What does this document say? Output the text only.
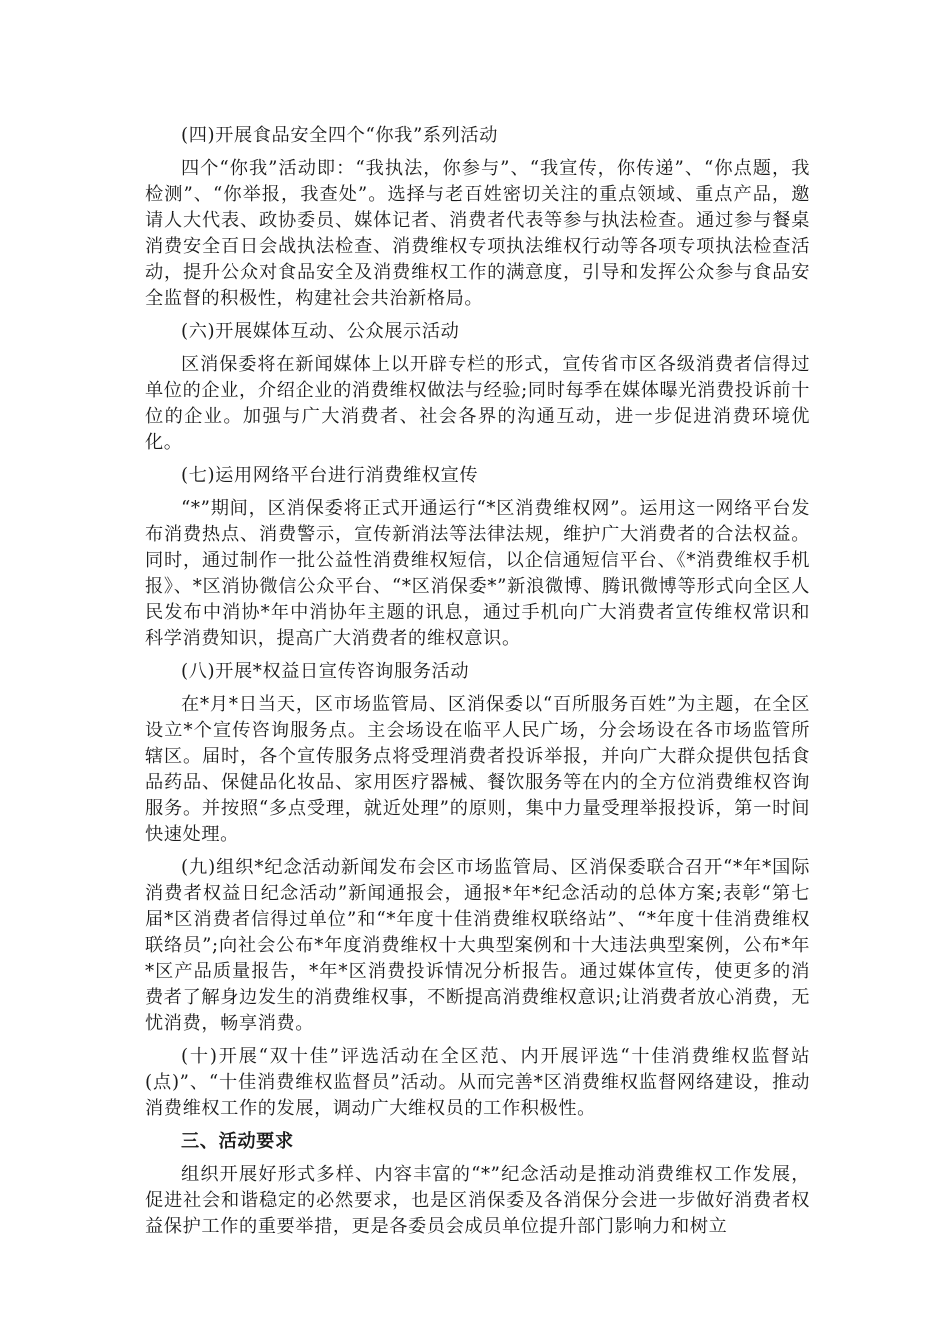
(四)开展食品安全四个“你我”系列活动

四个“你我”活动即：“我执法，你参与”、“我宣传，你传递”、“你点题，我检测”、“你举报，我查处”。选择与老百姓密切关注的重点领域、重点产品，邀请人大代表、政协委员、媒体记者、消费者代表等参与执法检查。通过参与餐桌消费安全百日会战执法检查、消费维权专项执法维权行动等各项专项执法检查活动，提升公众对食品安全及消费维权工作的满意度，引导和发挥公众参与食品安全监督的积极性，构建社会共治新格局。

(六)开展媒体互动、公众展示活动

区消保委将在新闻媒体上以开辟专栏的形式，宣传省市区各级消费者信得过单位的企业，介绍企业的消费维权做法与经验;同时每季在媒体曝光消费投诉前十位的企业。加强与广大消费者、社会各界的沟通互动，进一步促进消费环境优化。

(七)运用网络平台进行消费维权宣传

“*”期间，区消保委将正式开通运行“*区消费维权网”。运用这一网络平台发布消费热点、消费警示，宣传新消法等法律法规，维护广大消费者的合法权益。同时，通过制作一批公益性消费维权短信，以企信通短信平台、《*消费维权手机报》、*区消协微信公众平台、“*区消保委*”新浪微博、腾讯微博等形式向全区人民发布中消协*年中消协年主题的讯息，通过手机向广大消费者宣传维权常识和科学消费知识，提高广大消费者的维权意识。

(八)开展*权益日宣传咨询服务活动

在*月*日当天，区市场监管局、区消保委以“百所服务百姓”为主题，在全区设立*个宣传咨询服务点。主会场设在临平人民广场，分会场设在各市场监管所辖区。届时，各个宣传服务点将受理消费者投诉举报，并向广大群众提供包括食品药品、保健品化妆品、家用医疗器械、餐饮服务等在内的全方位消费维权咨询服务。并按照“多点受理，就近处理”的原则，集中力量受理举报投诉，第一时间快速处理。

(九)组织*纪念活动新闻发布会区市场监管局、区消保委联合召开“*年*国际消费者权益日纪念活动”新闻通报会，通报*年*纪念活动的总体方案;表彰“第七届*区消费者信得过单位”和“*年度十佳消费维权联络站”、“*年度十佳消费维权联络员”;向社会公布*年度消费维权十大典型案例和十大违法典型案例，公布*年*区产品质量报告，*年*区消费投诉情况分析报告。通过媒体宣传，使更多的消费者了解身边发生的消费维权事，不断提高消费维权意识;让消费者放心消费，无忧消费，畅享消费。

(十)开展“双十佳”评选活动在全区范、内开展评选“十佳消费维权监督站(点)”、“十佳消费维权监督员”活动。从而完善*区消费维权监督网络建设，推动消费维权工作的发展，调动广大维权员的工作积极性。

三、活动要求

组织开展好形式多样、内容丰富的“*”纪念活动是推动消费维权工作发展，促进社会和谐稳定的必然要求，也是区消保委及各消保分会进一步做好消费者权益保护工作的重要举措，更是各委员会成员单位提升部门影响力和树立
